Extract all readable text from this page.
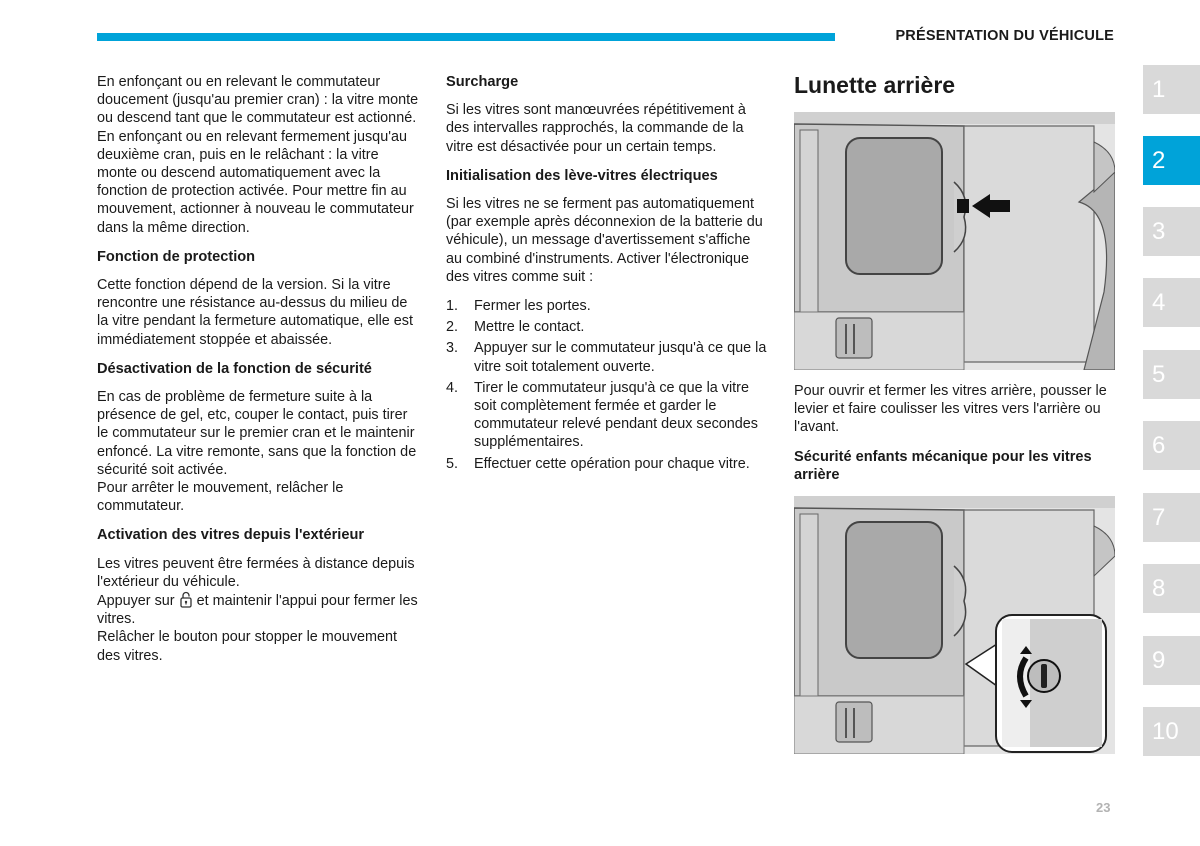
PRÉSENTATION DU VÉHICULE

En enfonçant ou en relevant le commutateur doucement (jusqu'au premier cran) : la vitre monte ou descend tant que le commutateur est actionné.

En enfonçant ou en relevant fermement jusqu'au deuxième cran, puis en le relâchant : la vitre monte ou descend automatiquement avec la fonction de protection activée. Pour mettre fin au mouvement, actionner à nouveau le commutateur dans la même direction.

Fonction de protection

Cette fonction dépend de la version. Si la vitre rencontre une résistance au-dessus du milieu de la vitre pendant la fermeture automatique, elle est immédiatement stoppée et abaissée.

Désactivation de la fonction de sécurité

En cas de problème de fermeture suite à la présence de gel, etc, couper le contact, puis tirer le commutateur sur le premier cran et le maintenir enfoncé. La vitre remonte, sans que la fonction de sécurité soit activée.

Pour arrêter le mouvement, relâcher le commutateur.

Activation des vitres depuis l'extérieur

Les vitres peuvent être fermées à distance depuis l'extérieur du véhicule.

Appuyer sur et maintenir l'appui pour fermer les vitres.

Relâcher le bouton pour stopper le mouvement des vitres.

Surcharge

Si les vitres sont manœuvrées répétitivement à des intervalles rapprochés, la commande de la vitre est désactivée pour un certain temps.

Initialisation des lève-vitres électriques

Si les vitres ne se ferment pas automatiquement (par exemple après déconnexion de la batterie du véhicule), un message d'avertissement s'affiche au combiné d'instruments. Activer l'électronique des vitres comme suit :

1. Fermer les portes.
2. Mettre le contact.
3. Appuyer sur le commutateur jusqu'à ce que la vitre soit totalement ouverte.
4. Tirer le commutateur jusqu'à ce que la vitre soit complètement fermée et garder le commutateur relevé pendant deux secondes supplémentaires.
5. Effectuer cette opération pour chaque vitre.
Lunette arrière

Pour ouvrir et fermer les vitres arrière, pousser le levier et faire coulisser les vitres vers l'arrière ou l'avant.

Sécurité enfants mécanique pour les vitres arrière
1
2
3
4
5
6
7
8
9
10
23
